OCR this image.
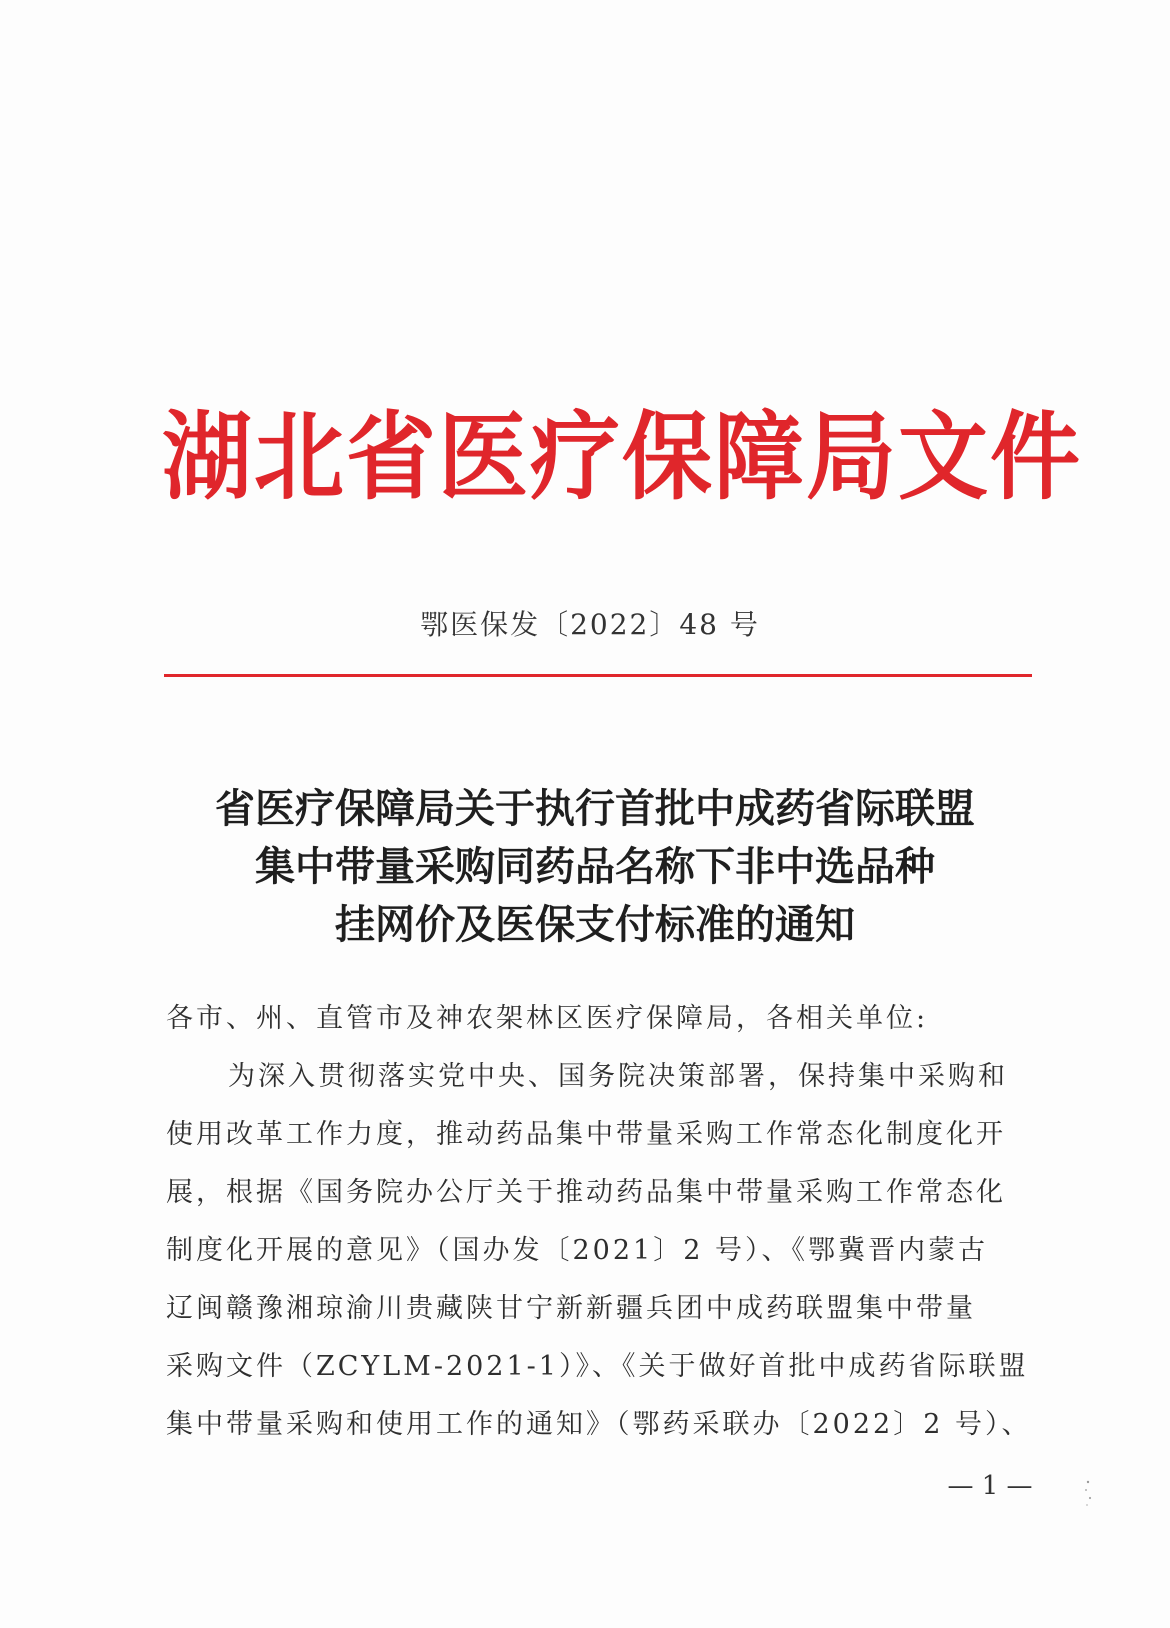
湖北省医疗保障局文件
鄂医保发〔2022〕48 号
省医疗保障局关于执行首批中成药省际联盟
集中带量采购同药品名称下非中选品种
挂网价及医保支付标准的通知
各市、州、直管市及神农架林区医疗保障局，各相关单位:
为深入贯彻落实党中央、国务院决策部署，保持集中采购和
使用改革工作力度，推动药品集中带量采购工作常态化制度化开
展，根据《国务院办公厅关于推动药品集中带量采购工作常态化
制度化开展的意见》（国办发〔2021〕2 号）、《鄂冀晋内蒙古
辽闽赣豫湘琼渝川贵藏陕甘宁新新疆兵团中成药联盟集中带量
采购文件（ZCYLM-2021-1）》、《关于做好首批中成药省际联盟
集中带量采购和使用工作的通知》（鄂药采联办〔2022〕2 号）、
— 1 —
